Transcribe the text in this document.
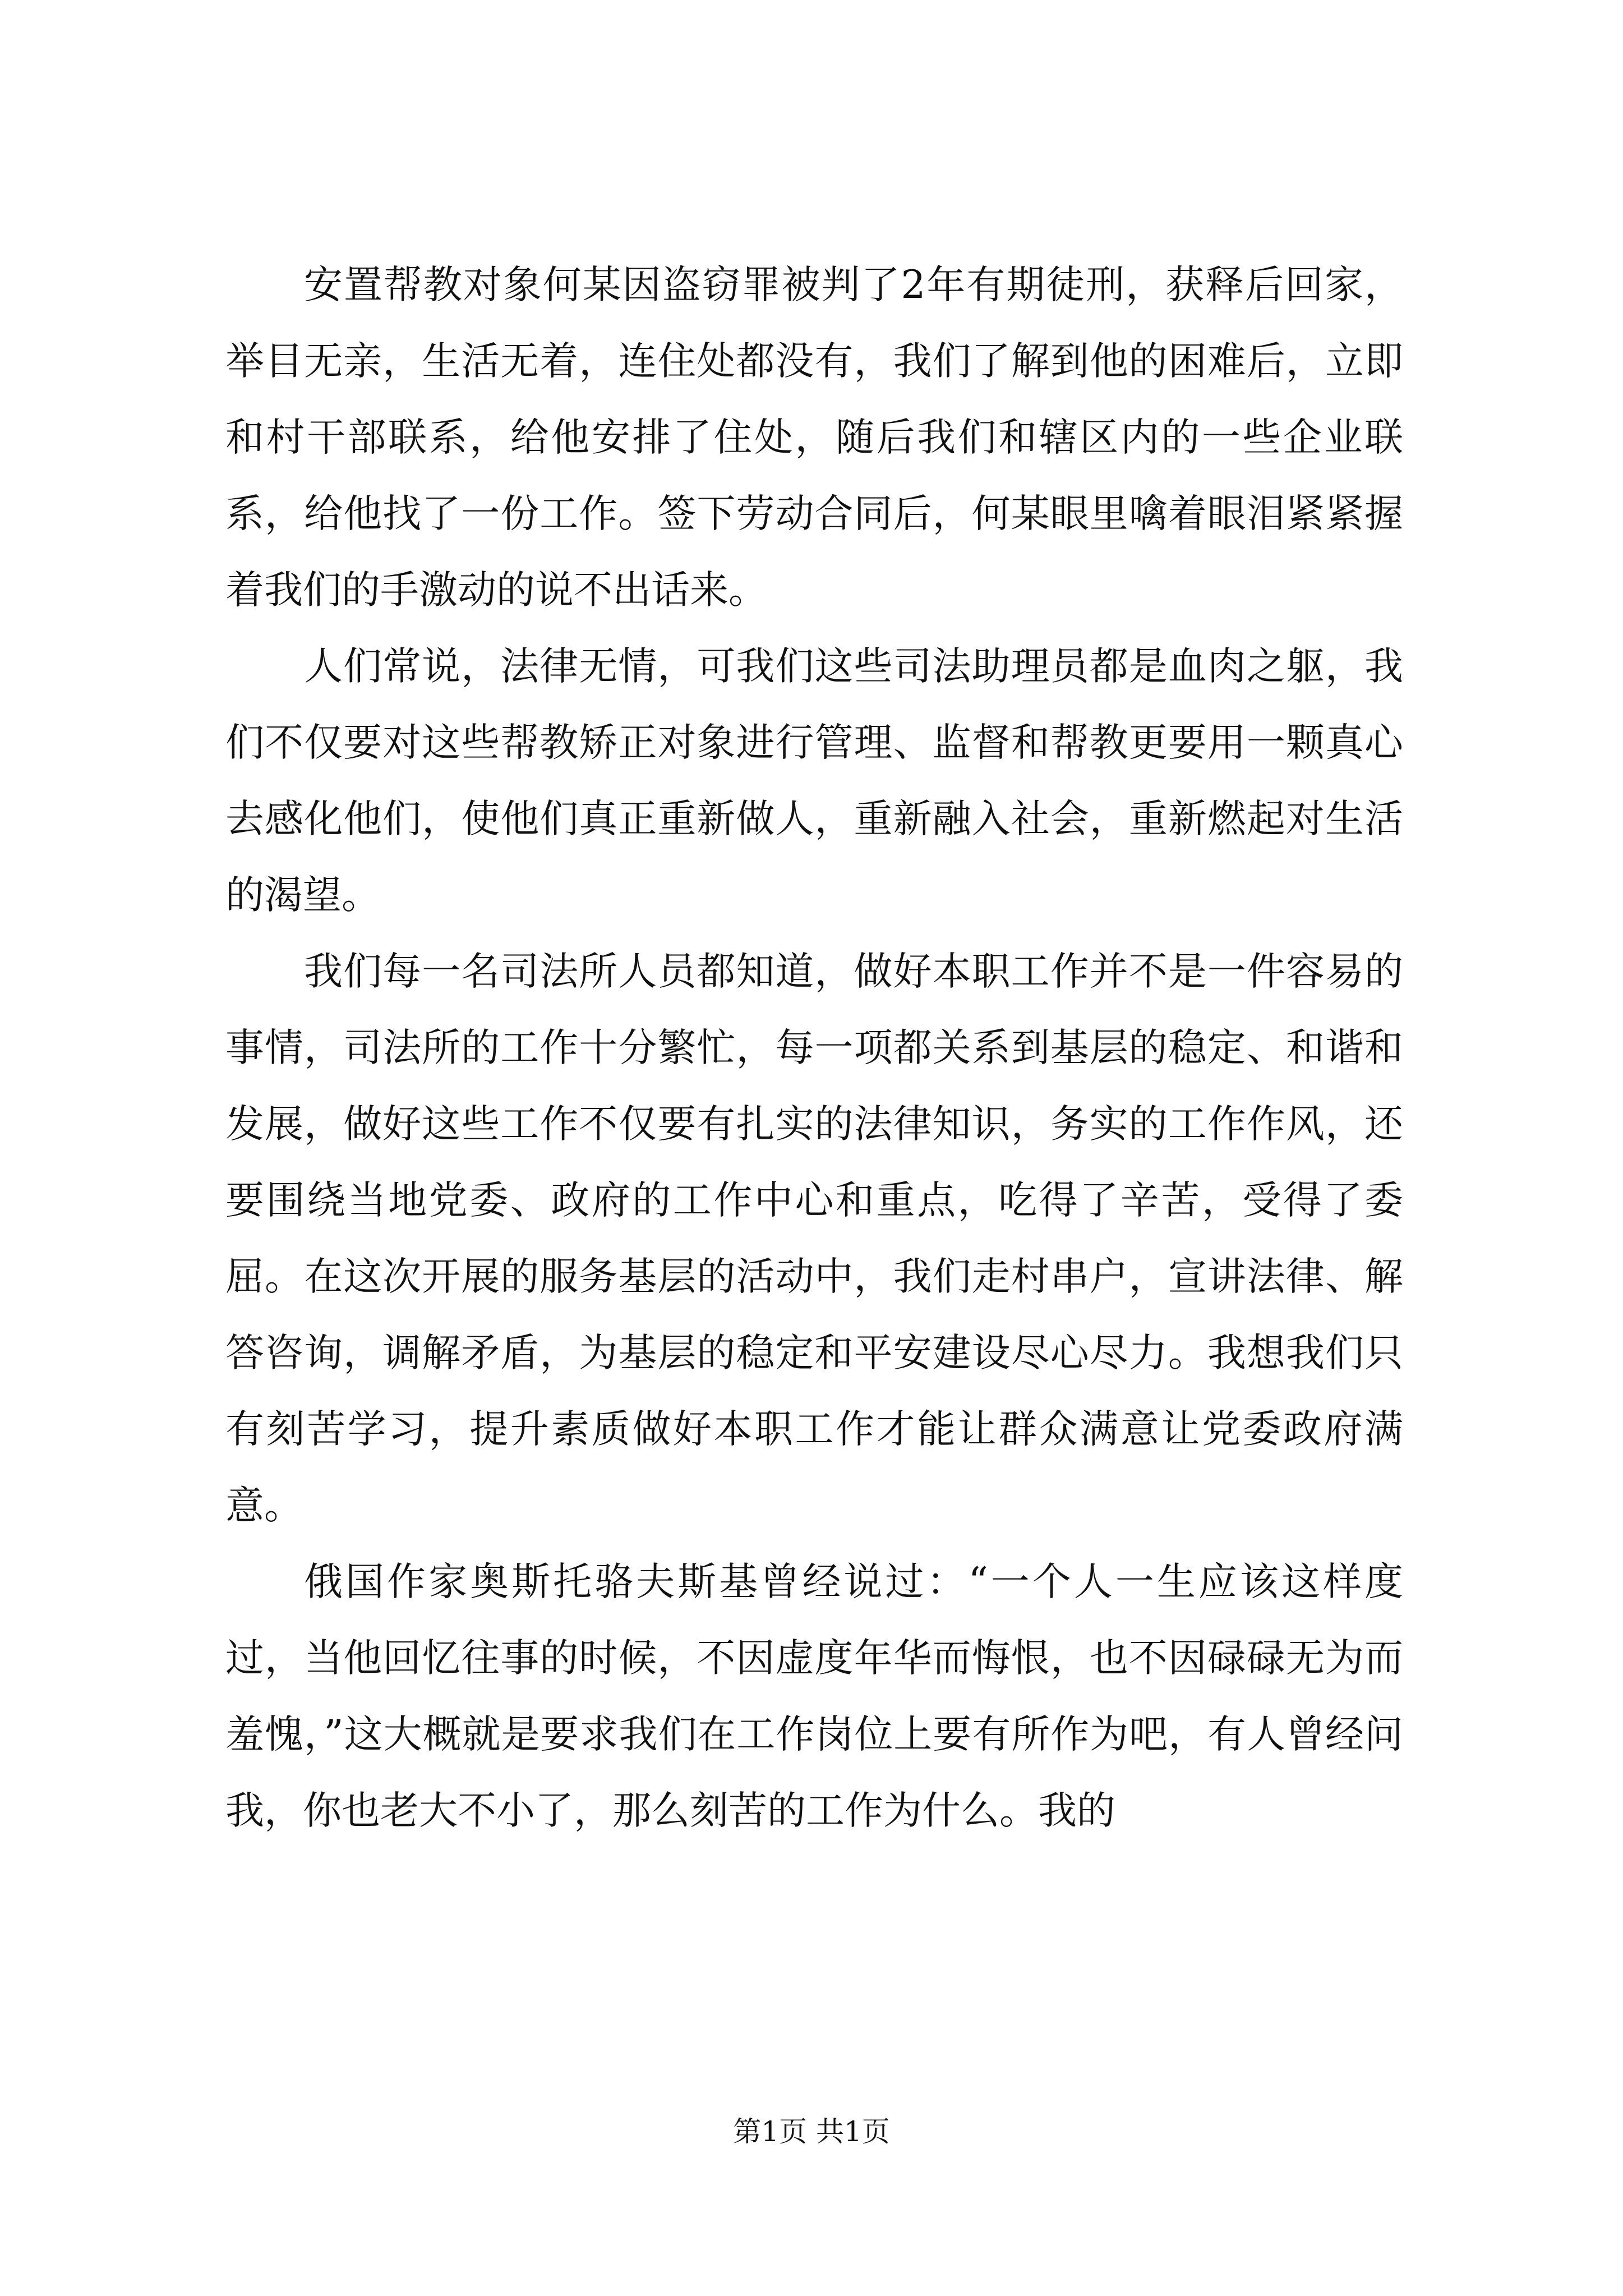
安置帮教对象何某因盗窃罪被判了2年有期徒刑，获释后回家，举目无亲，生活无着，连住处都没有，我们了解到他的困难后，立即和村干部联系，给他安排了住处，随后我们和辖区内的一些企业联系，给他找了一份工作。签下劳动合同后，何某眼里噙着眼泪紧紧握着我们的手激动的说不出话来。

人们常说，法律无情，可我们这些司法助理员都是血肉之躯，我们不仅要对这些帮教矫正对象进行管理、监督和帮教更要用一颗真心去感化他们，使他们真正重新做人，重新融入社会，重新燃起对生活的渴望。

我们每一名司法所人员都知道，做好本职工作并不是一件容易的事情，司法所的工作十分繁忙，每一项都关系到基层的稳定、和谐和发展，做好这些工作不仅要有扎实的法律知识，务实的工作作风，还要围绕当地党委、政府的工作中心和重点，吃得了辛苦，受得了委屈。在这次开展的服务基层的活动中，我们走村串户，宣讲法律、解答咨询，调解矛盾，为基层的稳定和平安建设尽心尽力。我想我们只有刻苦学习，提升素质做好本职工作才能让群众满意让党委政府满意。

俄国作家奥斯托骆夫斯基曾经说过：“一个人一生应该这样度过，当他回忆往事的时候，不因虚度年华而悔恨，也不因碌碌无为而羞愧，”这大概就是要求我们在工作岗位上要有所作为吧，有人曾经问我，你也老大不小了，那么刻苦的工作为什么。我的

第1页 共1页
